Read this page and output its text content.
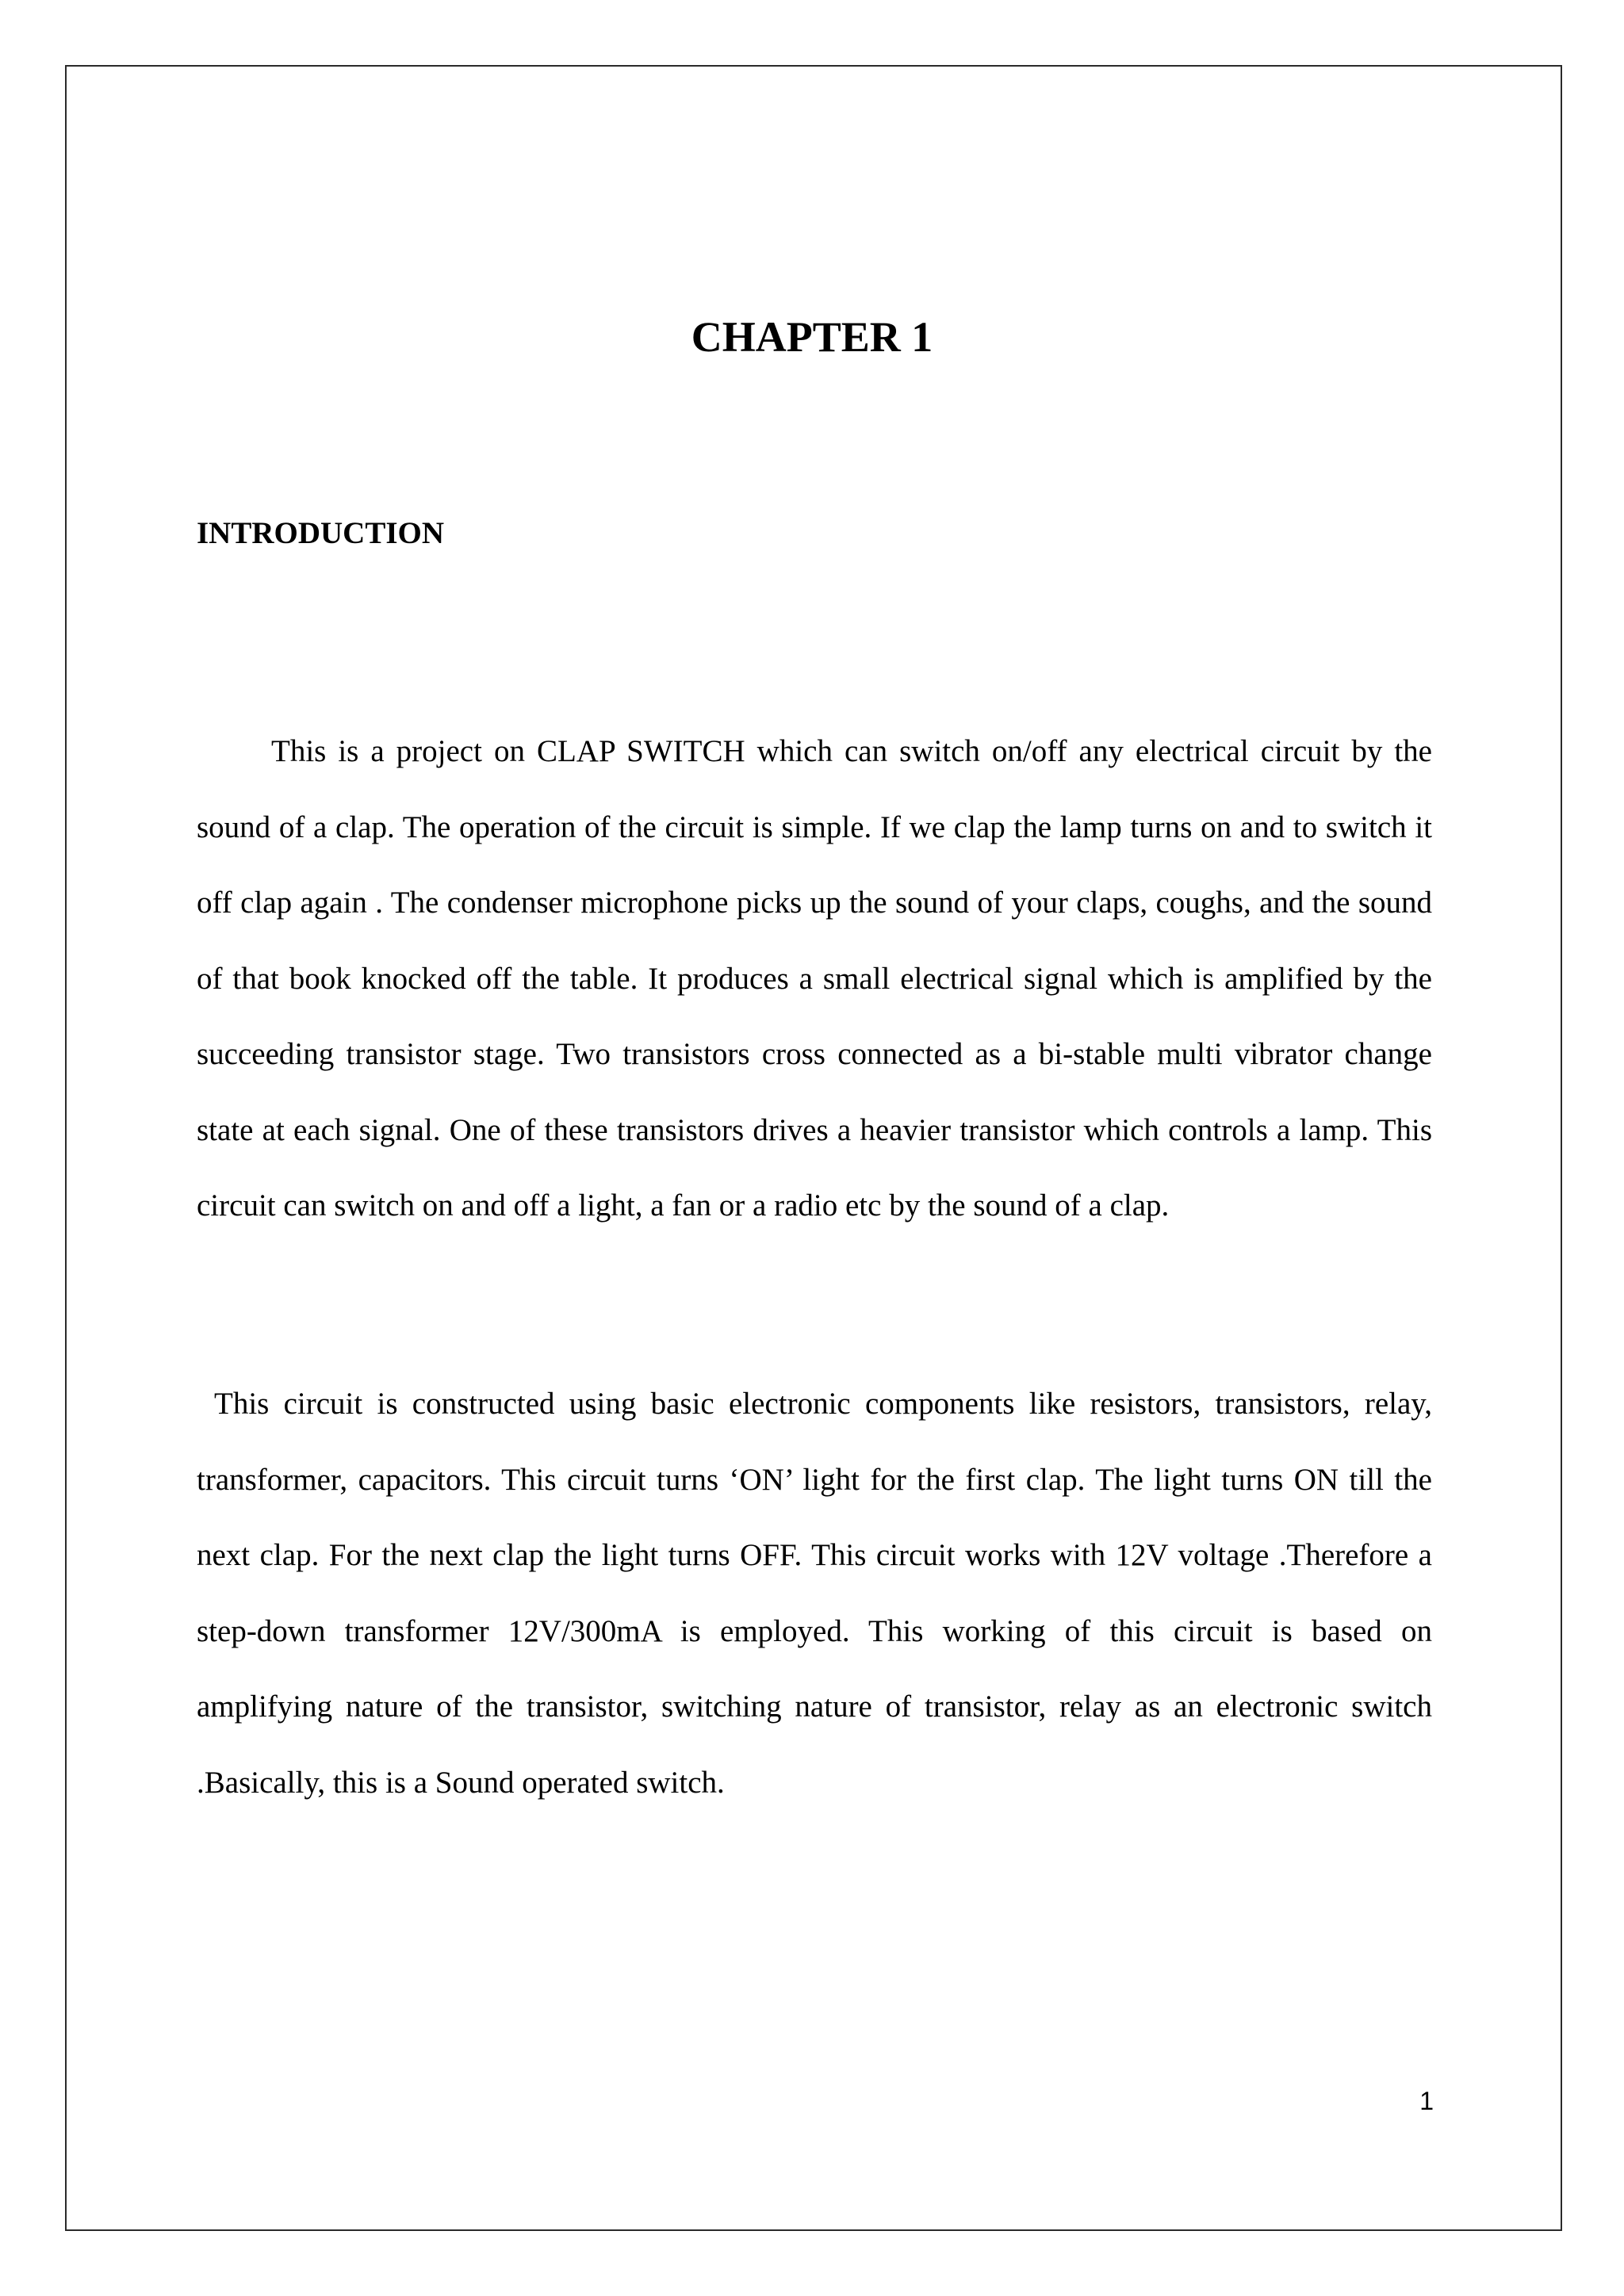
CHAPTER 1
INTRODUCTION

This is a project on CLAP SWITCH which can switch on/off any electrical circuit by the sound of a clap. The operation of the circuit is simple. If we clap the lamp turns on and to switch it off clap again . The condenser microphone picks up the sound of your claps, coughs, and the sound of that book knocked off the table. It produces a small electrical signal which is amplified by the succeeding transistor stage. Two transistors cross connected as a bi-stable multi vibrator change state at each signal. One of these transistors drives a heavier transistor which controls a lamp. This circuit can switch on and off a light, a fan or a radio etc by the sound of a clap.

This circuit is constructed using basic electronic components like resistors, transistors, relay, transformer, capacitors. This circuit turns ‘ON’ light for the first clap. The light turns ON till the next clap. For the next clap the light turns OFF. This circuit works with 12V voltage .Therefore a step-down transformer 12V/300mA is employed. This working of this circuit is based on amplifying nature of the transistor, switching nature of transistor, relay as an electronic switch .Basically, this is a Sound operated switch.

1
